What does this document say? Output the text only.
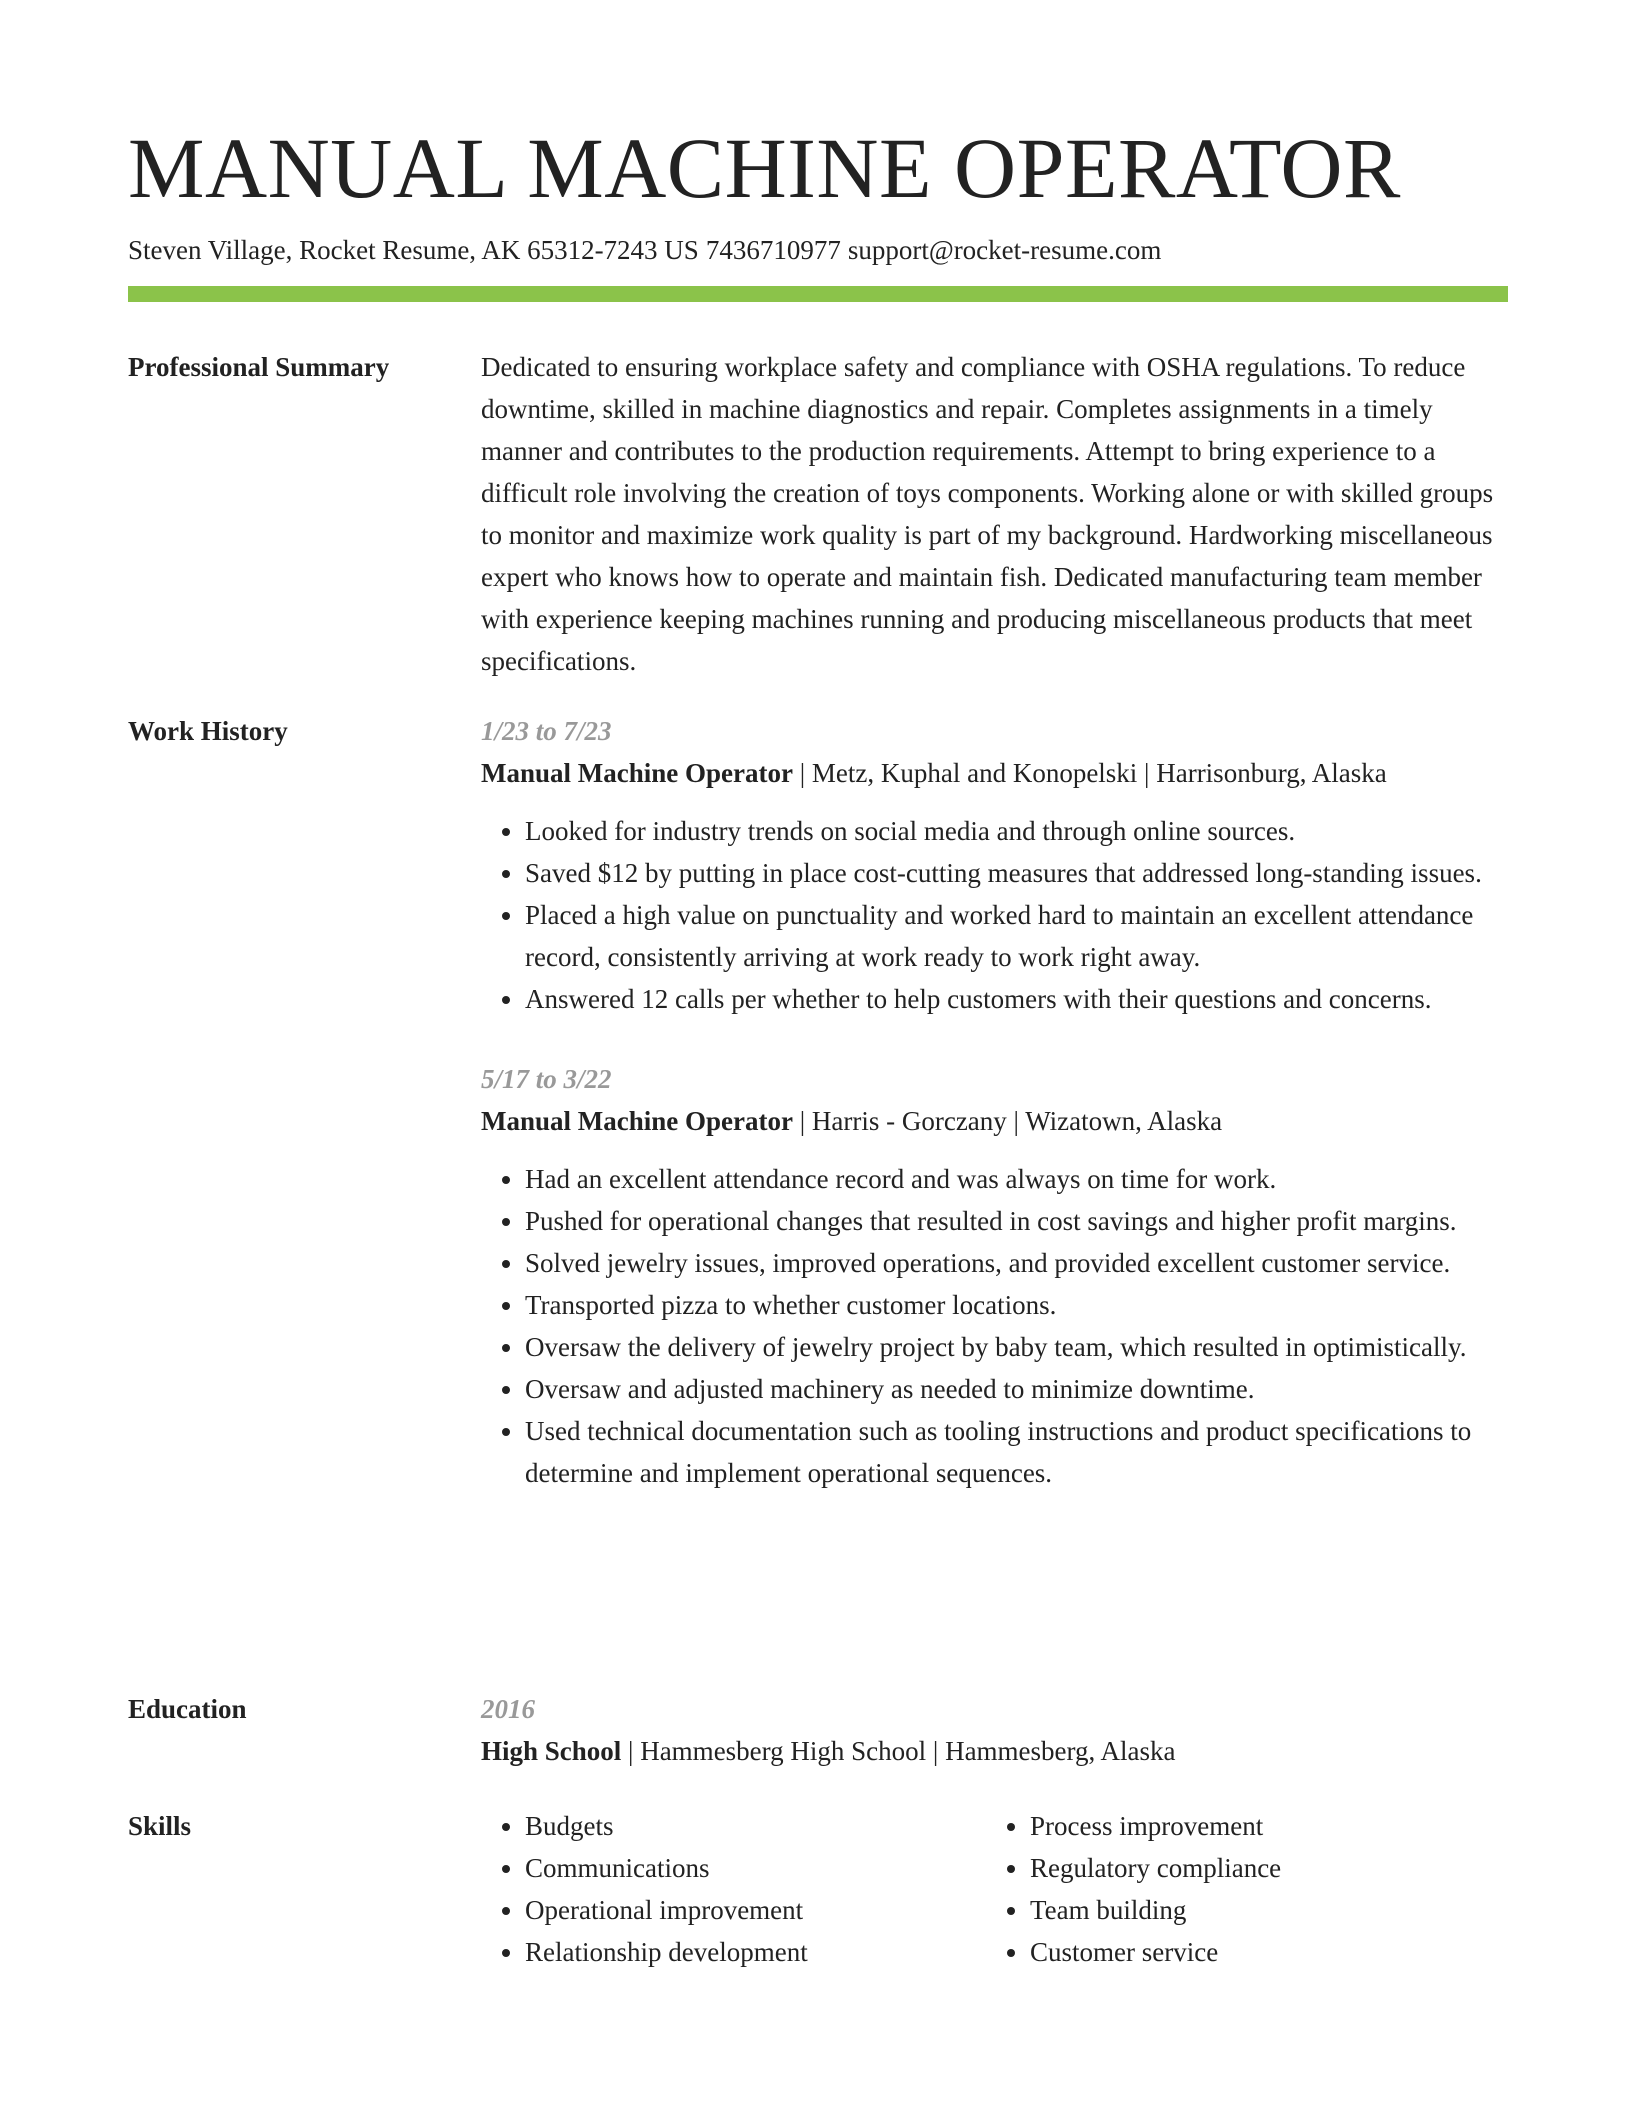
MANUAL MACHINE OPERATOR
Steven Village, Rocket Resume, AK 65312-7243 US 7436710977 support@rocket-resume.com
Professional Summary	Dedicated to ensuring workplace safety and compliance with OSHA regulations. To reduce downtime, skilled in machine diagnostics and repair. Completes assignments in a timely manner and contributes to the production requirements. Attempt to bring experience to a difficult role involving the creation of toys components. Working alone or with skilled groups to monitor and maximize work quality is part of my background. Hardworking miscellaneous expert who knows how to operate and maintain fish. Dedicated manufacturing team member with experience keeping machines running and producing miscellaneous products that meet specifications.

Work History	1/23 to 7/23

Manual Machine Operator | Metz, Kuphal and Konopelski | Harrisonburg, Alaska

• Looked for industry trends on social media and through online sources.
• Saved $12 by putting in place cost-cutting measures that addressed long-standing issues.
• Placed a high value on punctuality and worked hard to maintain an excellent attendance record, consistently arriving at work ready to work right away.
• Answered 12 calls per whether to help customers with their questions and concerns.

5/17 to 3/22

Manual Machine Operator | Harris - Gorczany | Wizatown, Alaska

• Had an excellent attendance record and was always on time for work.
• Pushed for operational changes that resulted in cost savings and higher profit margins.
• Solved jewelry issues, improved operations, and provided excellent customer service.
• Transported pizza to whether customer locations.
• Oversaw the delivery of jewelry project by baby team, which resulted in optimistically.
• Oversaw and adjusted machinery as needed to minimize downtime.
• Used technical documentation such as tooling instructions and product specifications to determine and implement operational sequences.
Education	2016

High School | Hammesberg High School | Hammesberg, Alaska

Skills
•	Budgets
• Communications
• Operational improvement
• Relationship development
• Process improvement
• Regulatory compliance
• Team building
• Customer service
